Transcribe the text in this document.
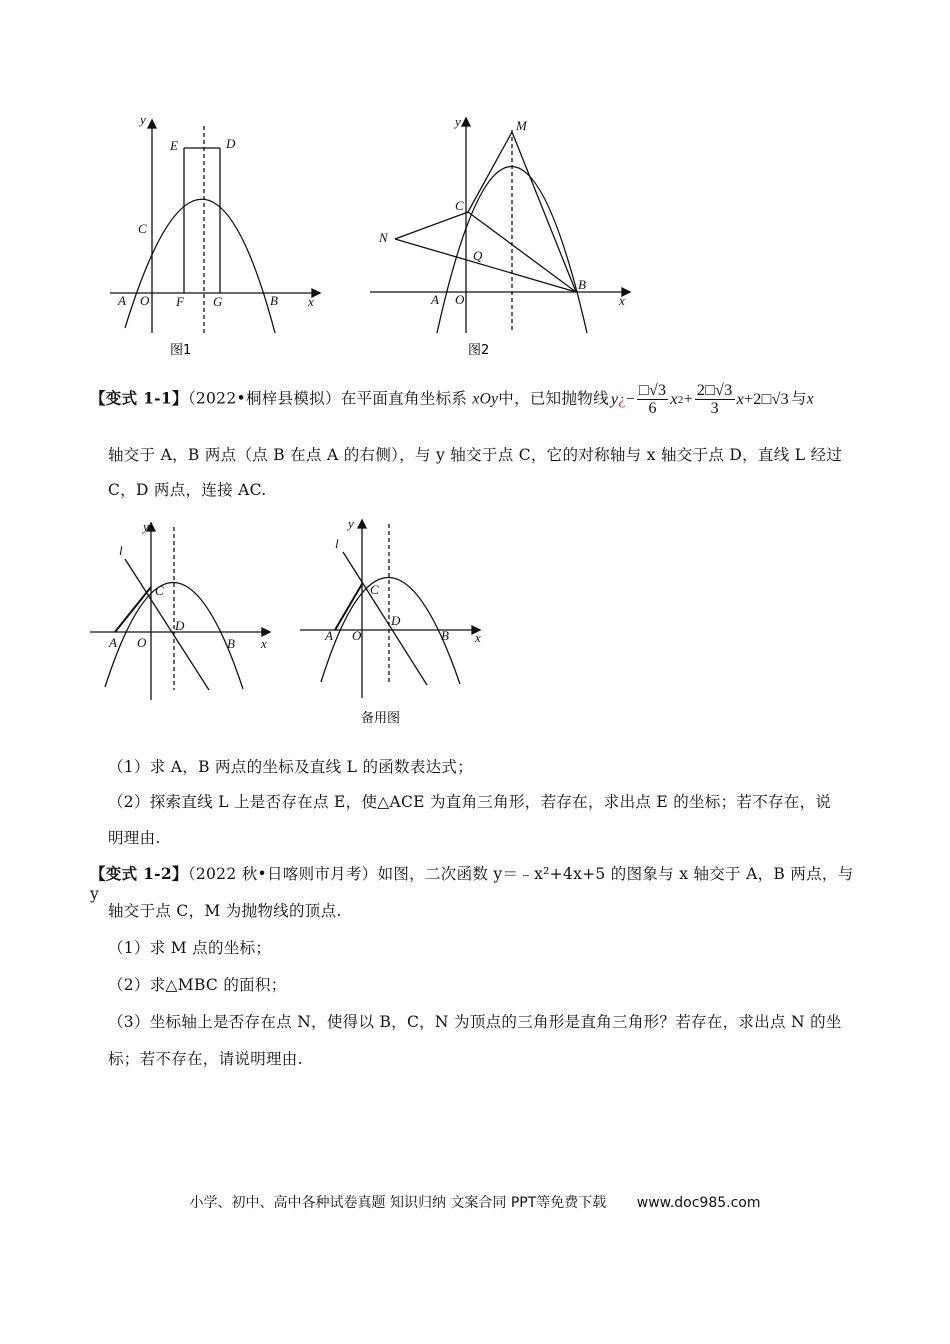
y
x
E	D
C
A O F G	B
图1
y
x
M
C
N
Q
B
A O
图2
【变式 1-1】（2022•桐梓县模拟）在平面直角坐标系 xOy中，已知抛物线 y ¿ − $\frac{□√3}{6}$ x $2 + \frac{2□√3}{3}$ x +2 □√3 与x
轴交于 A，B 两点（点 B 在点 A 的右侧），与 y 轴交于点 C，它的对称轴与 x 轴交于点 D，直线 L 经过
C，D 两点，连接 AC.
y
x
l
C
A O
D
B
y
x
l
C
A O
D
B
备用图
（1）求 A，B 两点的坐标及直线 L 的函数表达式；
（2）探索直线 L 上是否存在点 E，使△ACE 为直角三角形，若存在，求出点 E 的坐标；若不存在，说
明理由.
【变式 1-2】（2022 秋•日喀则市月考）如图，二次函数 y＝﹣x²+4x+5 的图象与 x 轴交于 A，B 两点，与 y
轴交于点 C，M 为抛物线的顶点.
（1）求 M 点的坐标；
（2）求△MBC 的面积；
（3）坐标轴上是否存在点 N，使得以 B，C，N 为顶点的三角形是直角三角形？若存在，求出点 N 的坐
标；若不存在，请说明理由.
小学、初中、高中各种试卷真题 知识归纳 文案合同 PPT等免费下载 www.doc985.com
